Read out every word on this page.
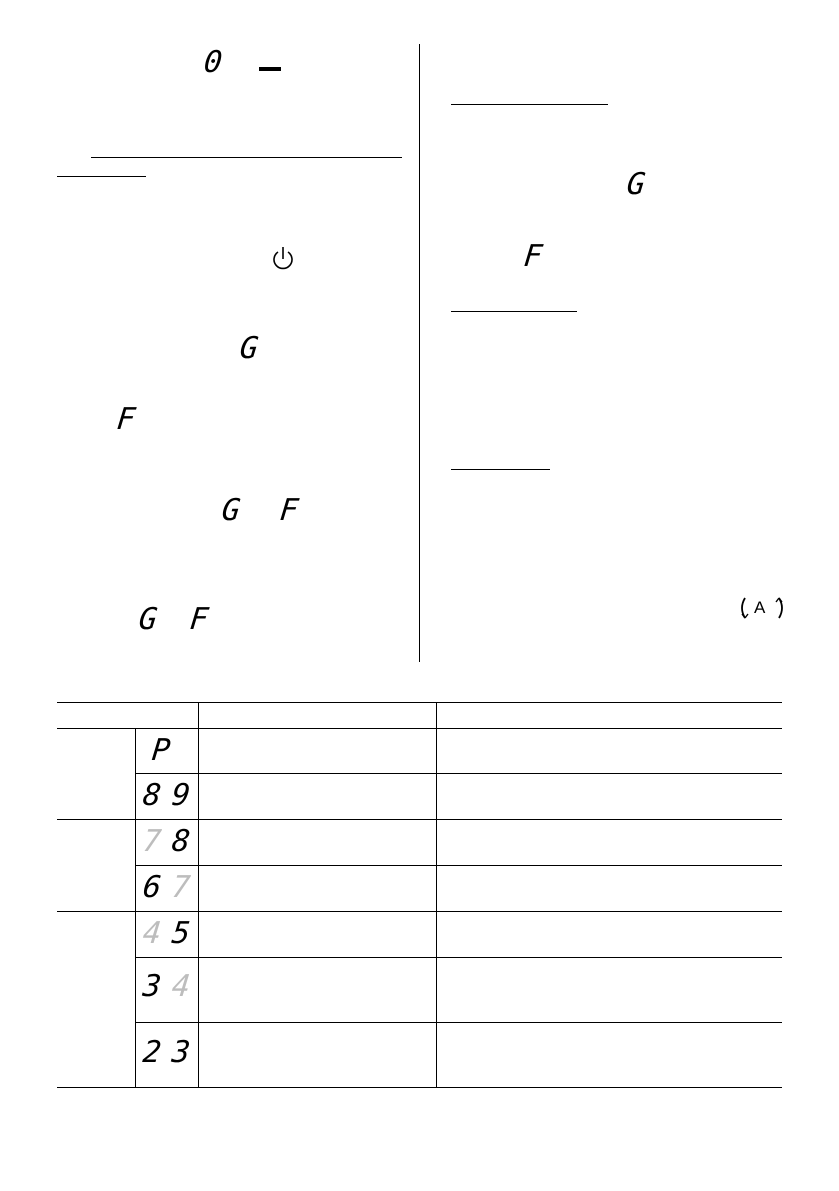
0
G
F
G F
G F
G
F
A
P
8 9
7 8
6 7
4 5
3 4
2 3
